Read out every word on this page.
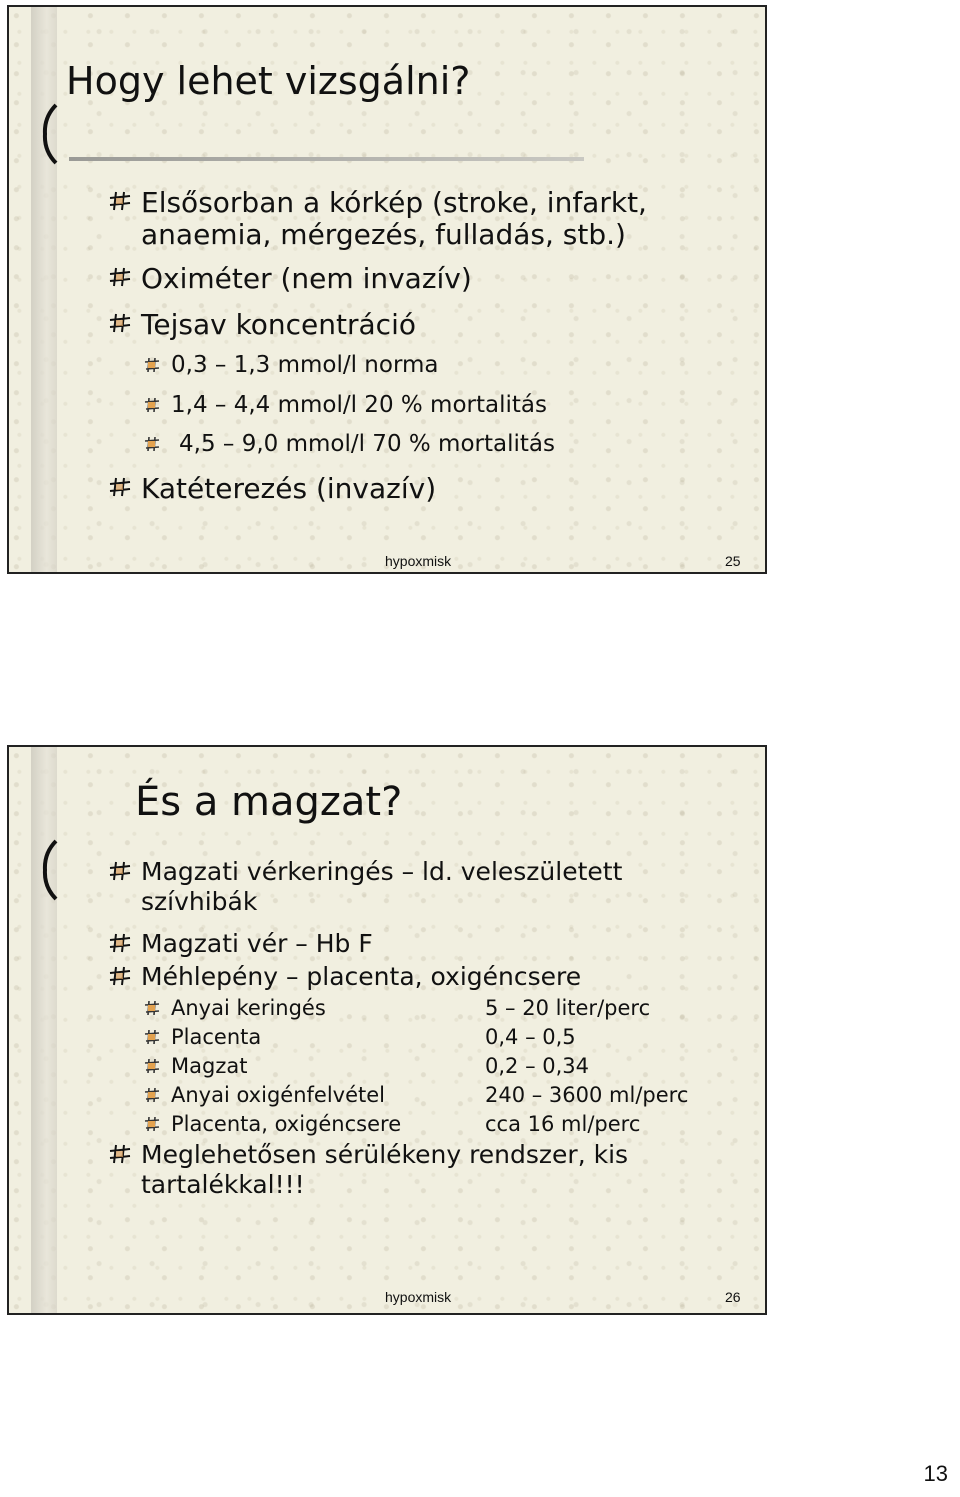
Hogy lehet vizsgálni?
Elsősorban a kórkép (stroke, infarkt,
anaemia, mérgezés, fulladás, stb.)
Oximéter (nem invazív)
Tejsav koncentráció
0,3 – 1,3 mmol/l norma
1,4 – 4,4 mmol/l 20 % mortalitás
4,5 – 9,0 mmol/l 70 % mortalitás
Katéterezés (invazív)
hypoxmisk	25
És a magzat?
Magzati vérkeringés – ld. veleszületett
szívhibák
Magzati vér – Hb F
Méhlepény – placenta, oxigéncsere
Anyai keringés	5 – 20 liter/perc
Placenta	0,4 – 0,5
Magzat	0,2 – 0,34
Anyai oxigénfelvétel	240 – 3600 ml/perc
Placenta, oxigéncsere	cca 16 ml/perc
Meglehetősen sérülékeny rendszer, kis
tartalékkal!!!
hypoxmisk	26
13
